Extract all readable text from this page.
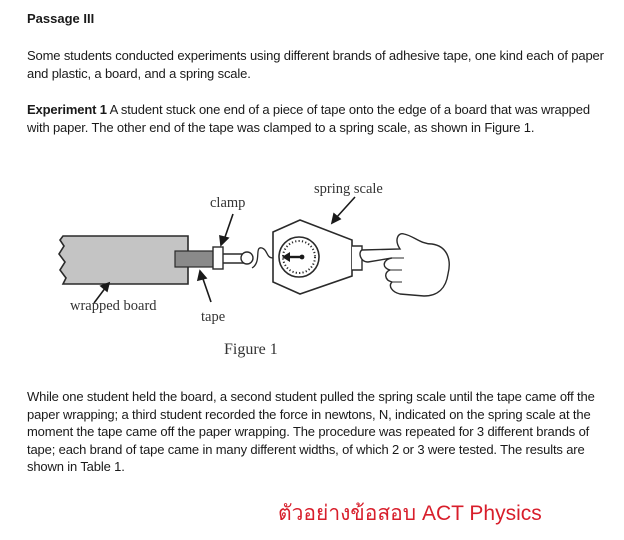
Passage III
Some students conducted experiments using different brands of adhesive tape, one kind each of paper and plastic, a board, and a spring scale.
Experiment 1 A student stuck one end of a piece of tape onto the edge of a board that was wrapped with paper. The other end of the tape was clamped to a spring scale, as shown in Figure 1.
clamp
spring scale
wrapped board
tape
Figure 1
While one student held the board, a second student pulled the spring scale until the tape came off the paper wrapping; a third student recorded the force in newtons, N, indicated on the spring scale at the moment the tape came off the paper wrapping. The procedure was repeated for 3 different brands of tape; each brand of tape came in many different widths, of which 2 or 3 were tested. The results are shown in Table 1.
ตัวอย่างข้อสอบ ACT Physics
